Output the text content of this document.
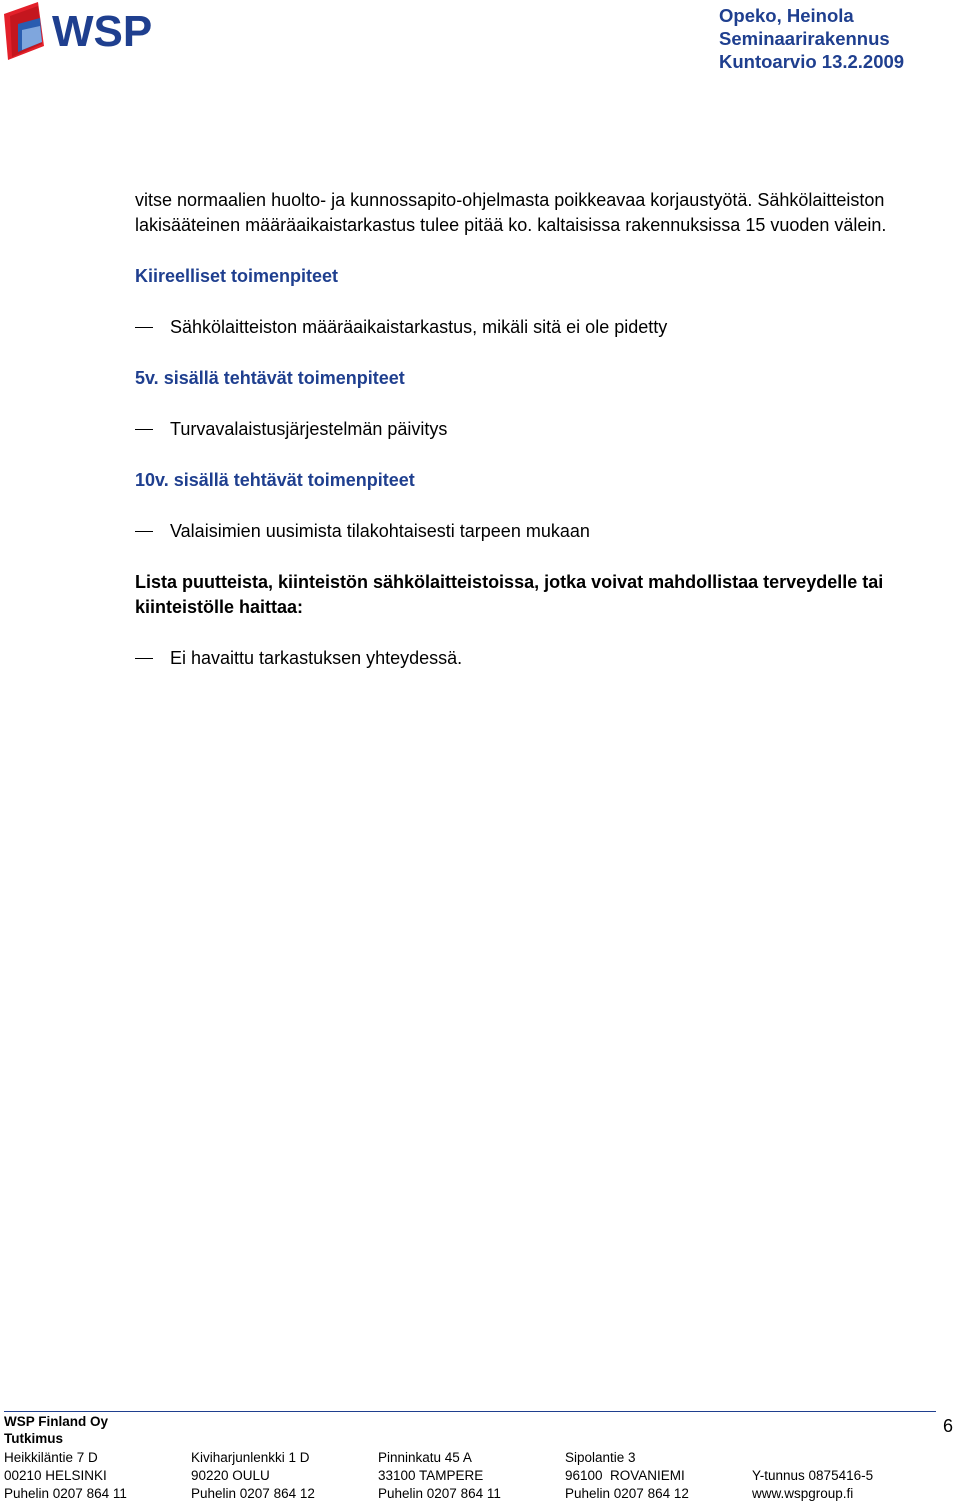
WSP	Opeko, Heinola
Seminaarirakennus
Kuntoarvio 13.2.2009

vitse normaalien huolto- ja kunnossapito-ohjelmasta poikkeavaa korjaustyötä. Sähkölaitteiston

lakisääteinen määräaikaistarkastus tulee pitää ko. kaltaisissa rakennuksissa 15 vuoden välein.

Kiireelliset toimenpiteet

Sähkölaitteiston määräaikaistarkastus, mikäli sitä ei ole pidetty

5v. sisällä tehtävät toimenpiteet

Turvavalaistusjärjestelmän päivitys

10v. sisällä tehtävät toimenpiteet

Valaisimien uusimista tilakohtaisesti tarpeen mukaan

Lista puutteista, kiinteistön sähkölaitteistoissa, jotka voivat mahdollistaa terveydelle tai

kiinteistölle haittaa:

Ei havaittu tarkastuksen yhteydessä.
WSP Finland Oy
Tutkimus
6
Heikkiläntie 7 D	Kiviharjunlenkki 1 D	Pinninkatu 45 A	Sipolantie 3
00210 HELSINKI	90220 OULU	33100 TAMPERE	96100  ROVANIEMI	Y-tunnus 0875416-5
Puhelin 0207 864 11	Puhelin 0207 864 12	Puhelin 0207 864 11	Puhelin 0207 864 12	www.wspgroup.fi
